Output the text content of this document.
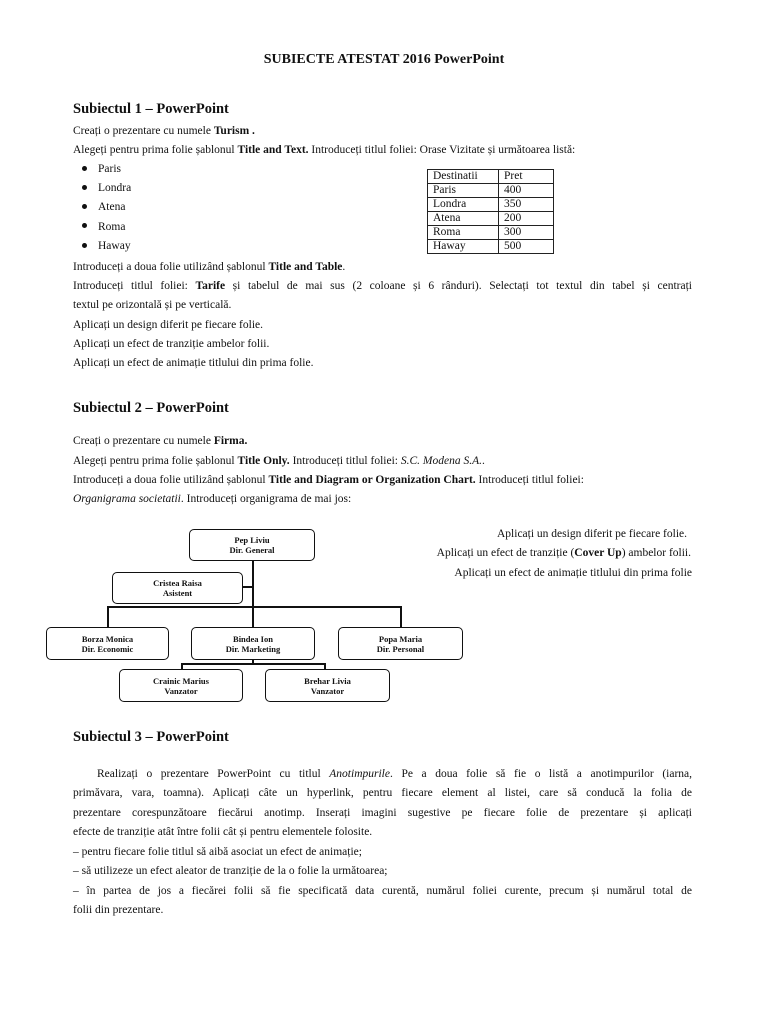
SUBIECTE ATESTAT 2016 PowerPoint
Subiectul 1 – PowerPoint
Creați o prezentare cu numele Turism .
Alegeți pentru prima folie șablonul Title and Text. Introduceți titlul foliei: Orase Vizitate și următoarea listă:
Paris
Londra
Atena
Roma
Haway
Destinatii	Pret
Paris	400
Londra	350
Atena	200
Roma	300
Haway	500
Introduceți a doua folie utilizând șablonul Title and Table.
Introduceți titlul foliei: Tarife și tabelul de mai sus (2 coloane și 6 rânduri). Selectați tot textul din tabel și centrați
textul pe orizontală și pe verticală.
Aplicați un design diferit pe fiecare folie.
Aplicați un efect de tranziție ambelor folii.
Aplicați un efect de animație titlului din prima folie.
Subiectul 2 – PowerPoint
Creați o prezentare cu numele Firma.
Alegeți pentru prima folie șablonul Title Only. Introduceți titlul foliei: S.C. Modena S.A..
Introduceți a doua folie utilizând șablonul Title and Diagram or Organization Chart. Introduceți titlul foliei:
Organigrama societatii. Introduceți organigrama de mai jos:
Pep Liviu
Dir. General
Cristea Raisa
Asistent
Borza Monica
Dir. Economic
Bindea Ion
Dir. Marketing
Popa Maria
Dir. Personal
Crainic Marius
Vanzator
Brehar Livia
Vanzator
Aplicați un design diferit pe fiecare folie.
Aplicați un efect de tranziție (Cover Up) ambelor folii.
Aplicați un efect de animație titlului din prima folie
Subiectul 3 – PowerPoint
Realizați o prezentare PowerPoint cu titlul Anotimpurile. Pe a doua folie să fie o listă a anotimpurilor (iarna,
primăvara, vara, toamna). Aplicați câte un hyperlink, pentru fiecare element al listei, care să conducă la folia de
prezentare corespunzătoare fiecărui anotimp. Inserați imagini sugestive pe fiecare folie de prezentare și aplicați
efecte de tranziție atât între folii cât și pentru elementele folosite.
– pentru fiecare folie titlul să aibă asociat un efect de animație;
– să utilizeze un efect aleator de tranziție de la o folie la următoarea;
– în partea de jos a fiecărei folii să fie specificată data curentă, numărul foliei curente, precum și numărul total de
folii din prezentare.
